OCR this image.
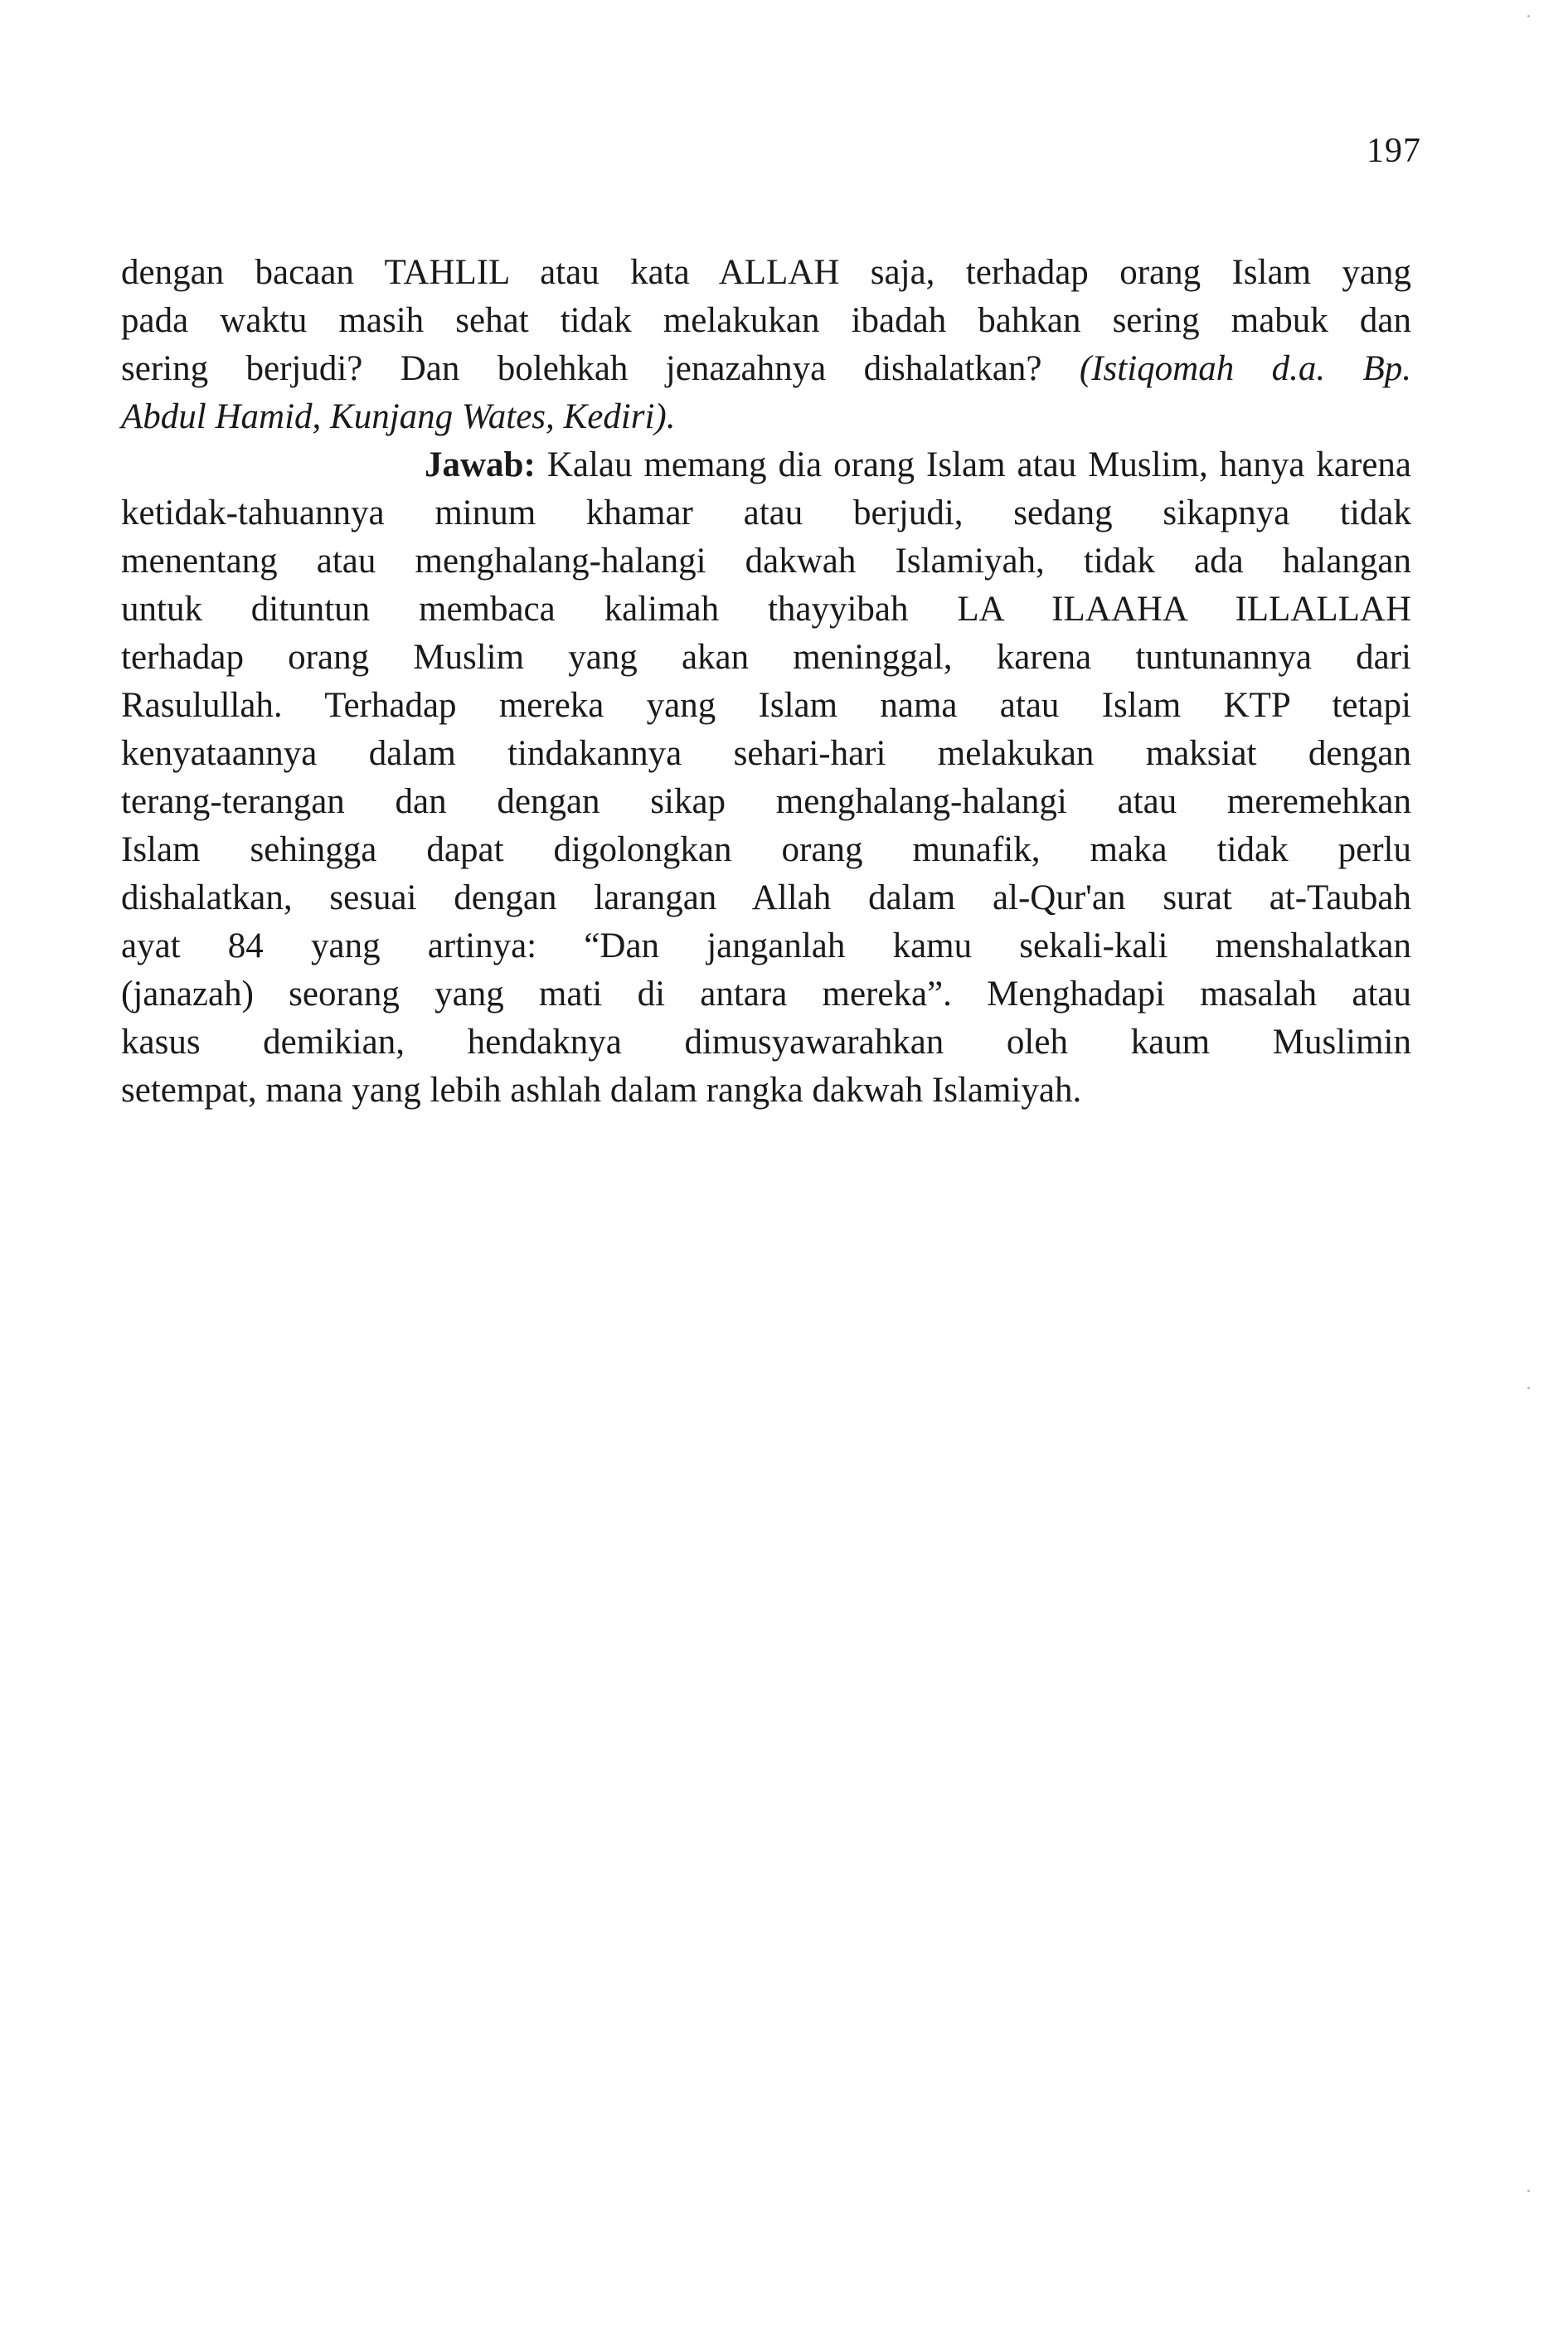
197
dengan bacaan TAHLIL atau kata ALLAH saja, terhadap orang Islam yang
pada waktu masih sehat tidak melakukan ibadah bahkan sering mabuk dan
sering berjudi? Dan bolehkah jenazahnya dishalatkan? (Istiqomah d.a. Bp.
Abdul Hamid, Kunjang Wates, Kediri).
Jawab: Kalau memang dia orang Islam atau Muslim, hanya karena
ketidak-tahuannya minum khamar atau berjudi, sedang sikapnya tidak
menentang atau menghalang-halangi dakwah Islamiyah, tidak ada halangan
untuk dituntun membaca kalimah thayyibah LA ILAAHA ILLALLAH
terhadap orang Muslim yang akan meninggal, karena tuntunannya dari
Rasulullah. Terhadap mereka yang Islam nama atau Islam KTP tetapi
kenyataannya dalam tindakannya sehari-hari melakukan maksiat dengan
terang-terangan dan dengan sikap menghalang-halangi atau meremehkan
Islam sehingga dapat digolongkan orang munafik, maka tidak perlu
dishalatkan, sesuai dengan larangan Allah dalam al-Qur'an surat at-Taubah
ayat 84 yang artinya: “Dan janganlah kamu sekali-kali menshalatkan
(janazah) seorang yang mati di antara mereka”. Menghadapi masalah atau
kasus demikian, hendaknya dimusyawarahkan oleh kaum Muslimin
setempat, mana yang lebih ashlah dalam rangka dakwah Islamiyah.
